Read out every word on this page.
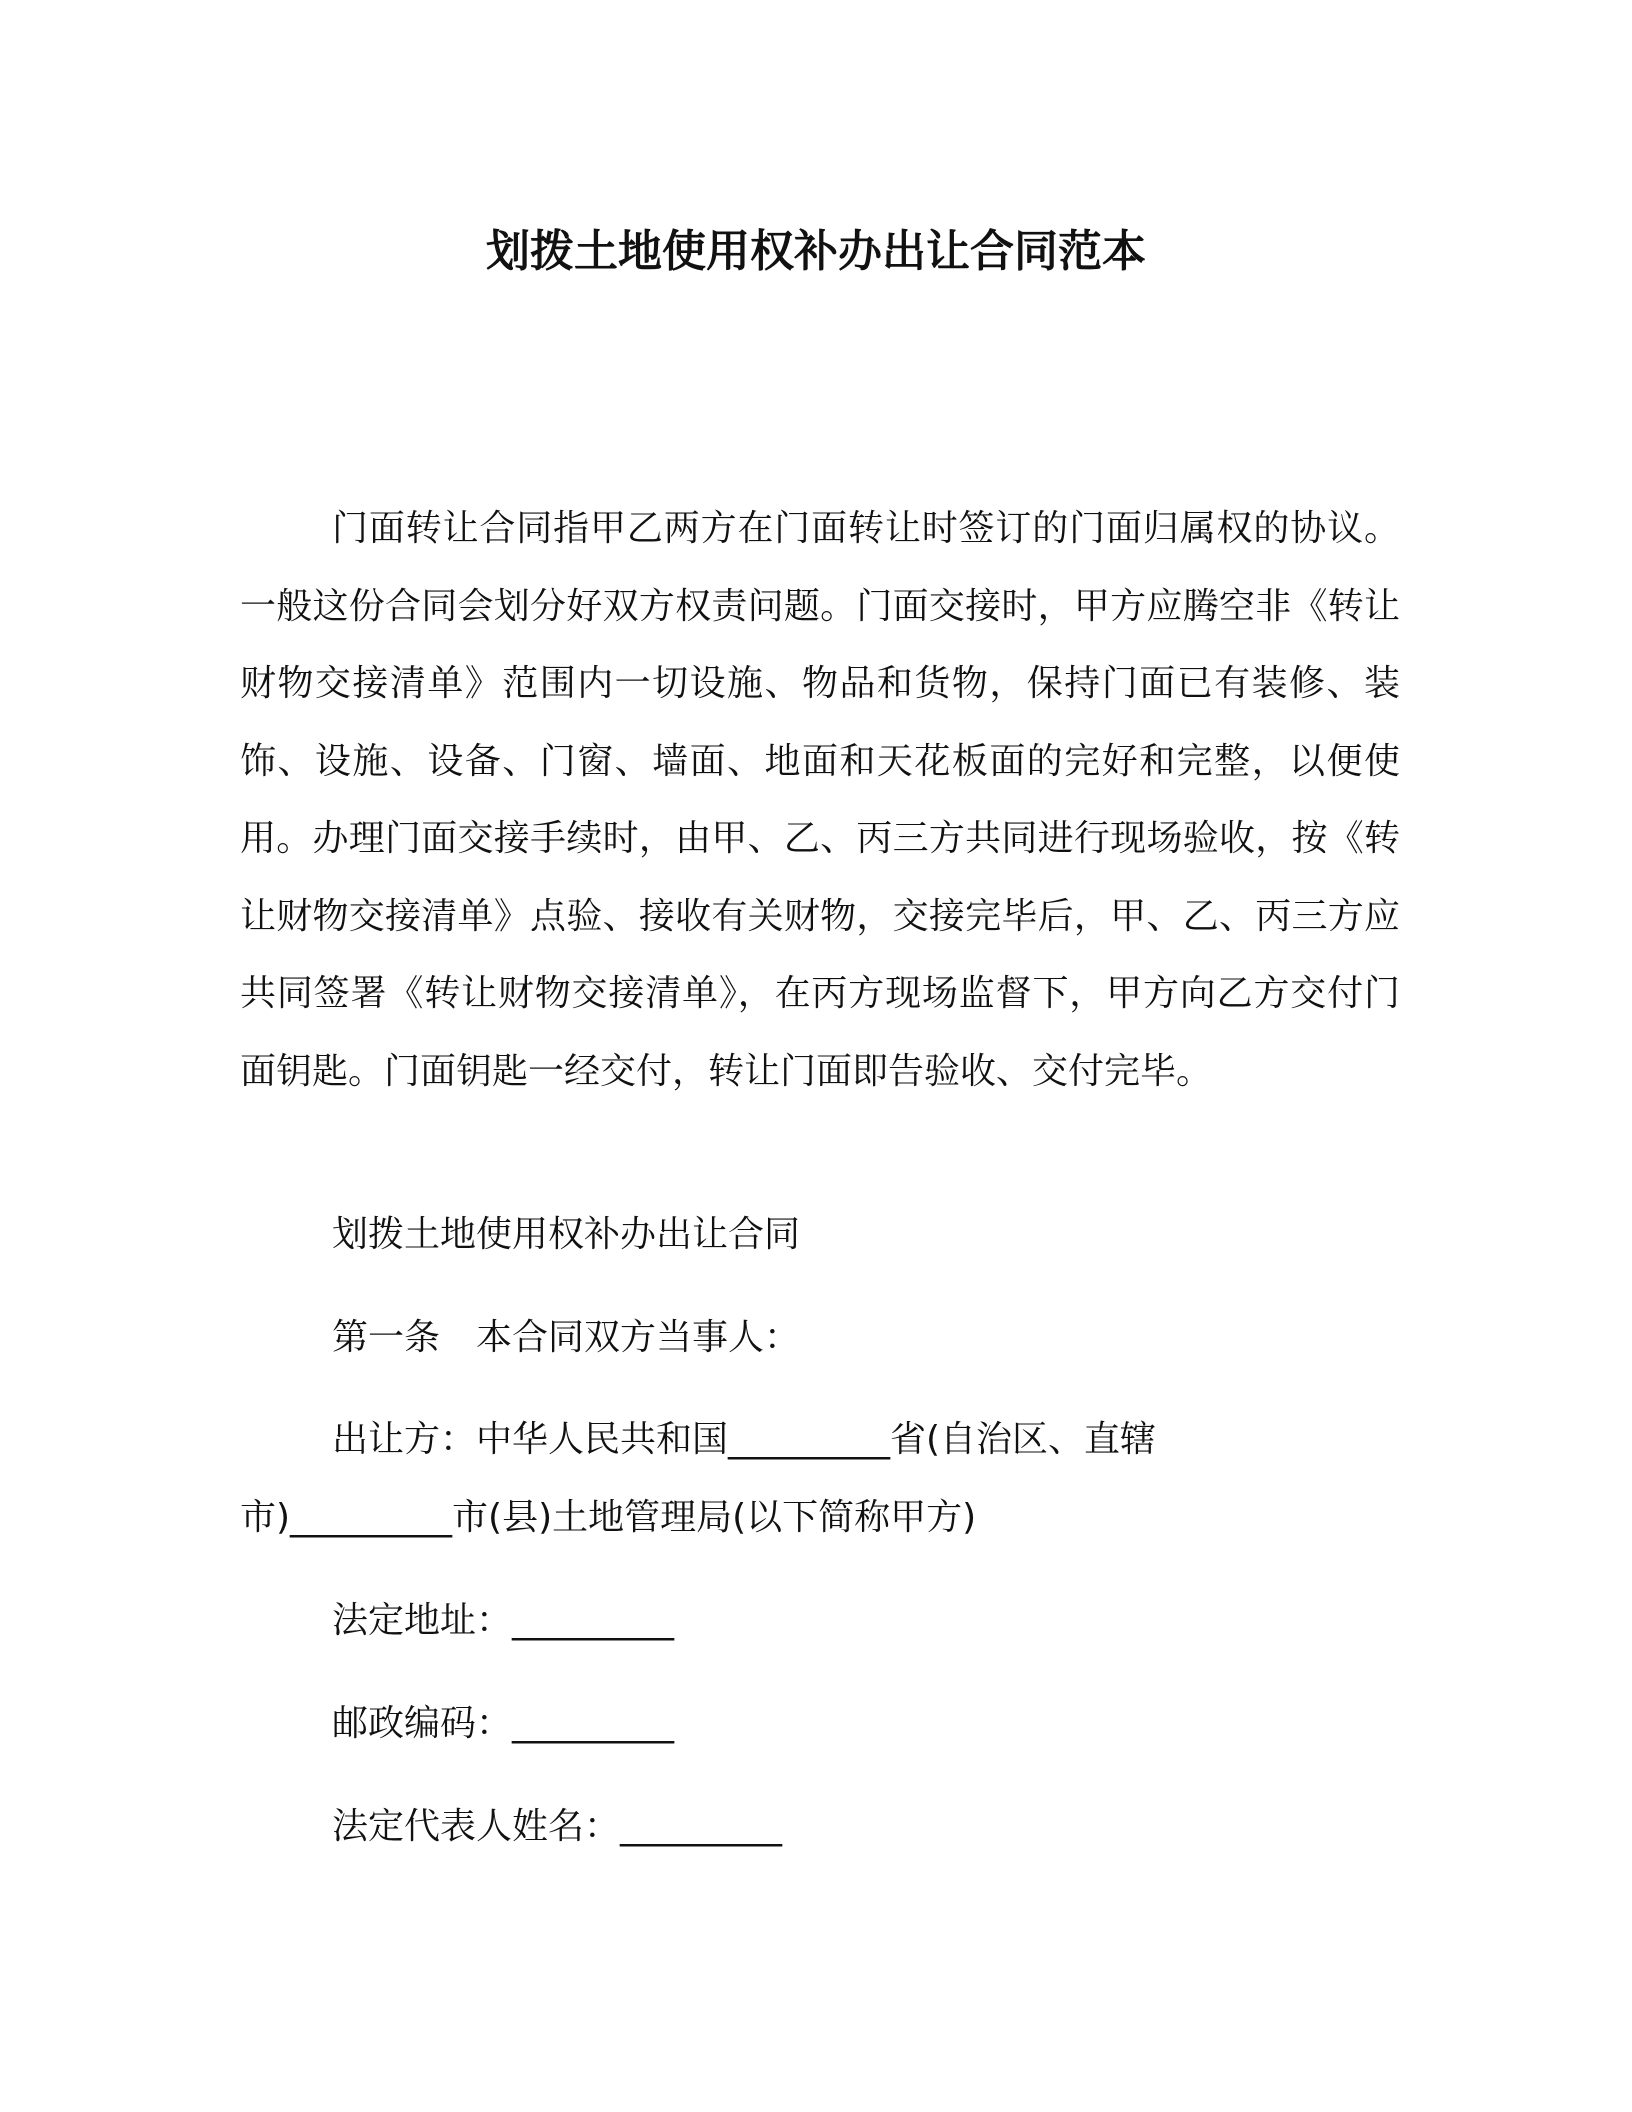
划拨土地使用权补办出让合同范本

门面转让合同指甲乙两方在门面转让时签订的门面归属权的协议。一般这份合同会划分好双方权责问题。门面交接时，甲方应腾空非《转让财物交接清单》范围内一切设施、物品和货物，保持门面已有装修、装饰、设施、设备、门窗、墙面、地面和天花板面的完好和完整，以便使用。办理门面交接手续时，由甲、乙、丙三方共同进行现场验收，按《转让财物交接清单》点验、接收有关财物，交接完毕后，甲、乙、丙三方应共同签署《转让财物交接清单》，在丙方现场监督下，甲方向乙方交付门面钥匙。门面钥匙一经交付，转让门面即告验收、交付完毕。

划拨土地使用权补办出让合同

第一条 本合同双方当事人：

出让方：中华人民共和国_________省(自治区、直辖

市)_________市(县)土地管理局(以下简称甲方)

法定地址：_________

邮政编码：_________

法定代表人姓名：_________
